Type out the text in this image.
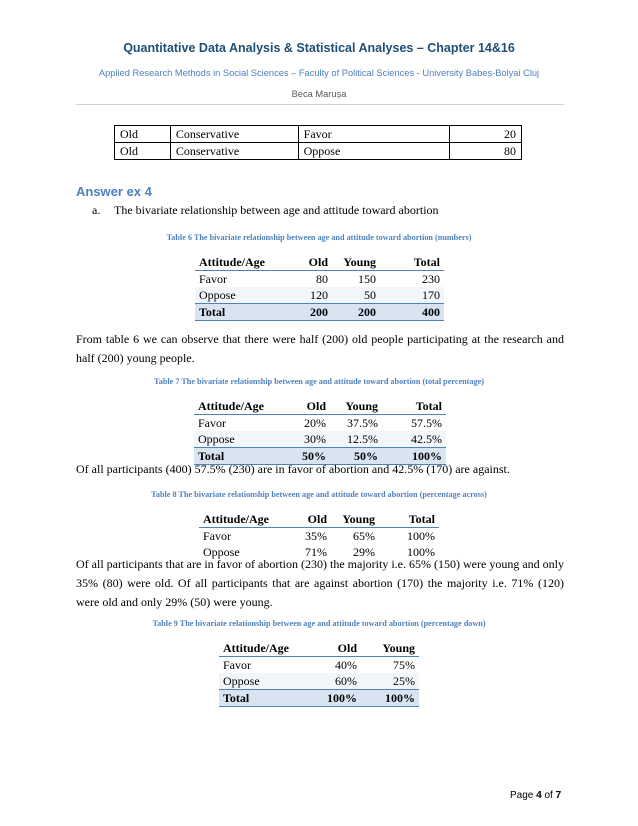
Quantitative Data Analysis & Statistical Analyses – Chapter 14&16
Applied Research Methods in Social Sciences – Faculty of Political Sciences - University Babeș-Bolyai Cluj
Beca Marușa
Old	Conservative	Favor	20
Old	Conservative	Oppose	80
Answer ex 4
a. The bivariate relationship between age and attitude toward abortion
Table 6 The bivariate relationship between age and attitude toward abortion (numbers)
Attitude/Age	Old	Young	Total
Favor	80	150	230
Oppose	120	50	170
Total	200	200	400
From table 6 we can observe that there were half (200) old people participating at the research and half (200) young people.
Table 7 The bivariate relationship between age and attitude toward abortion (total percentage)
Attitude/Age	Old	Young	Total
Favor	20%	37.5%	57.5%
Oppose	30%	12.5%	42.5%
Total	50%	50%	100%
Of all participants (400) 57.5% (230) are in favor of abortion and 42.5% (170) are against.
Table 8 The bivariate relationship between age and attitude toward abortion (percentage across)
Attitude/Age	Old	Young	Total
Favor	35%	65%	100%
Oppose	71%	29%	100%
Of all participants that are in favor of abortion (230) the majority i.e. 65% (150) were young and only 35% (80) were old. Of all participants that are against abortion (170) the majority i.e. 71% (120) were old and only 29% (50) were young.
Table 9 The bivariate relationship between age and attitude toward abortion (percentage down)
Attitude/Age	Old	Young
Favor	40%	75%
Oppose	60%	25%
Total	100%	100%
Page 4 of 7
